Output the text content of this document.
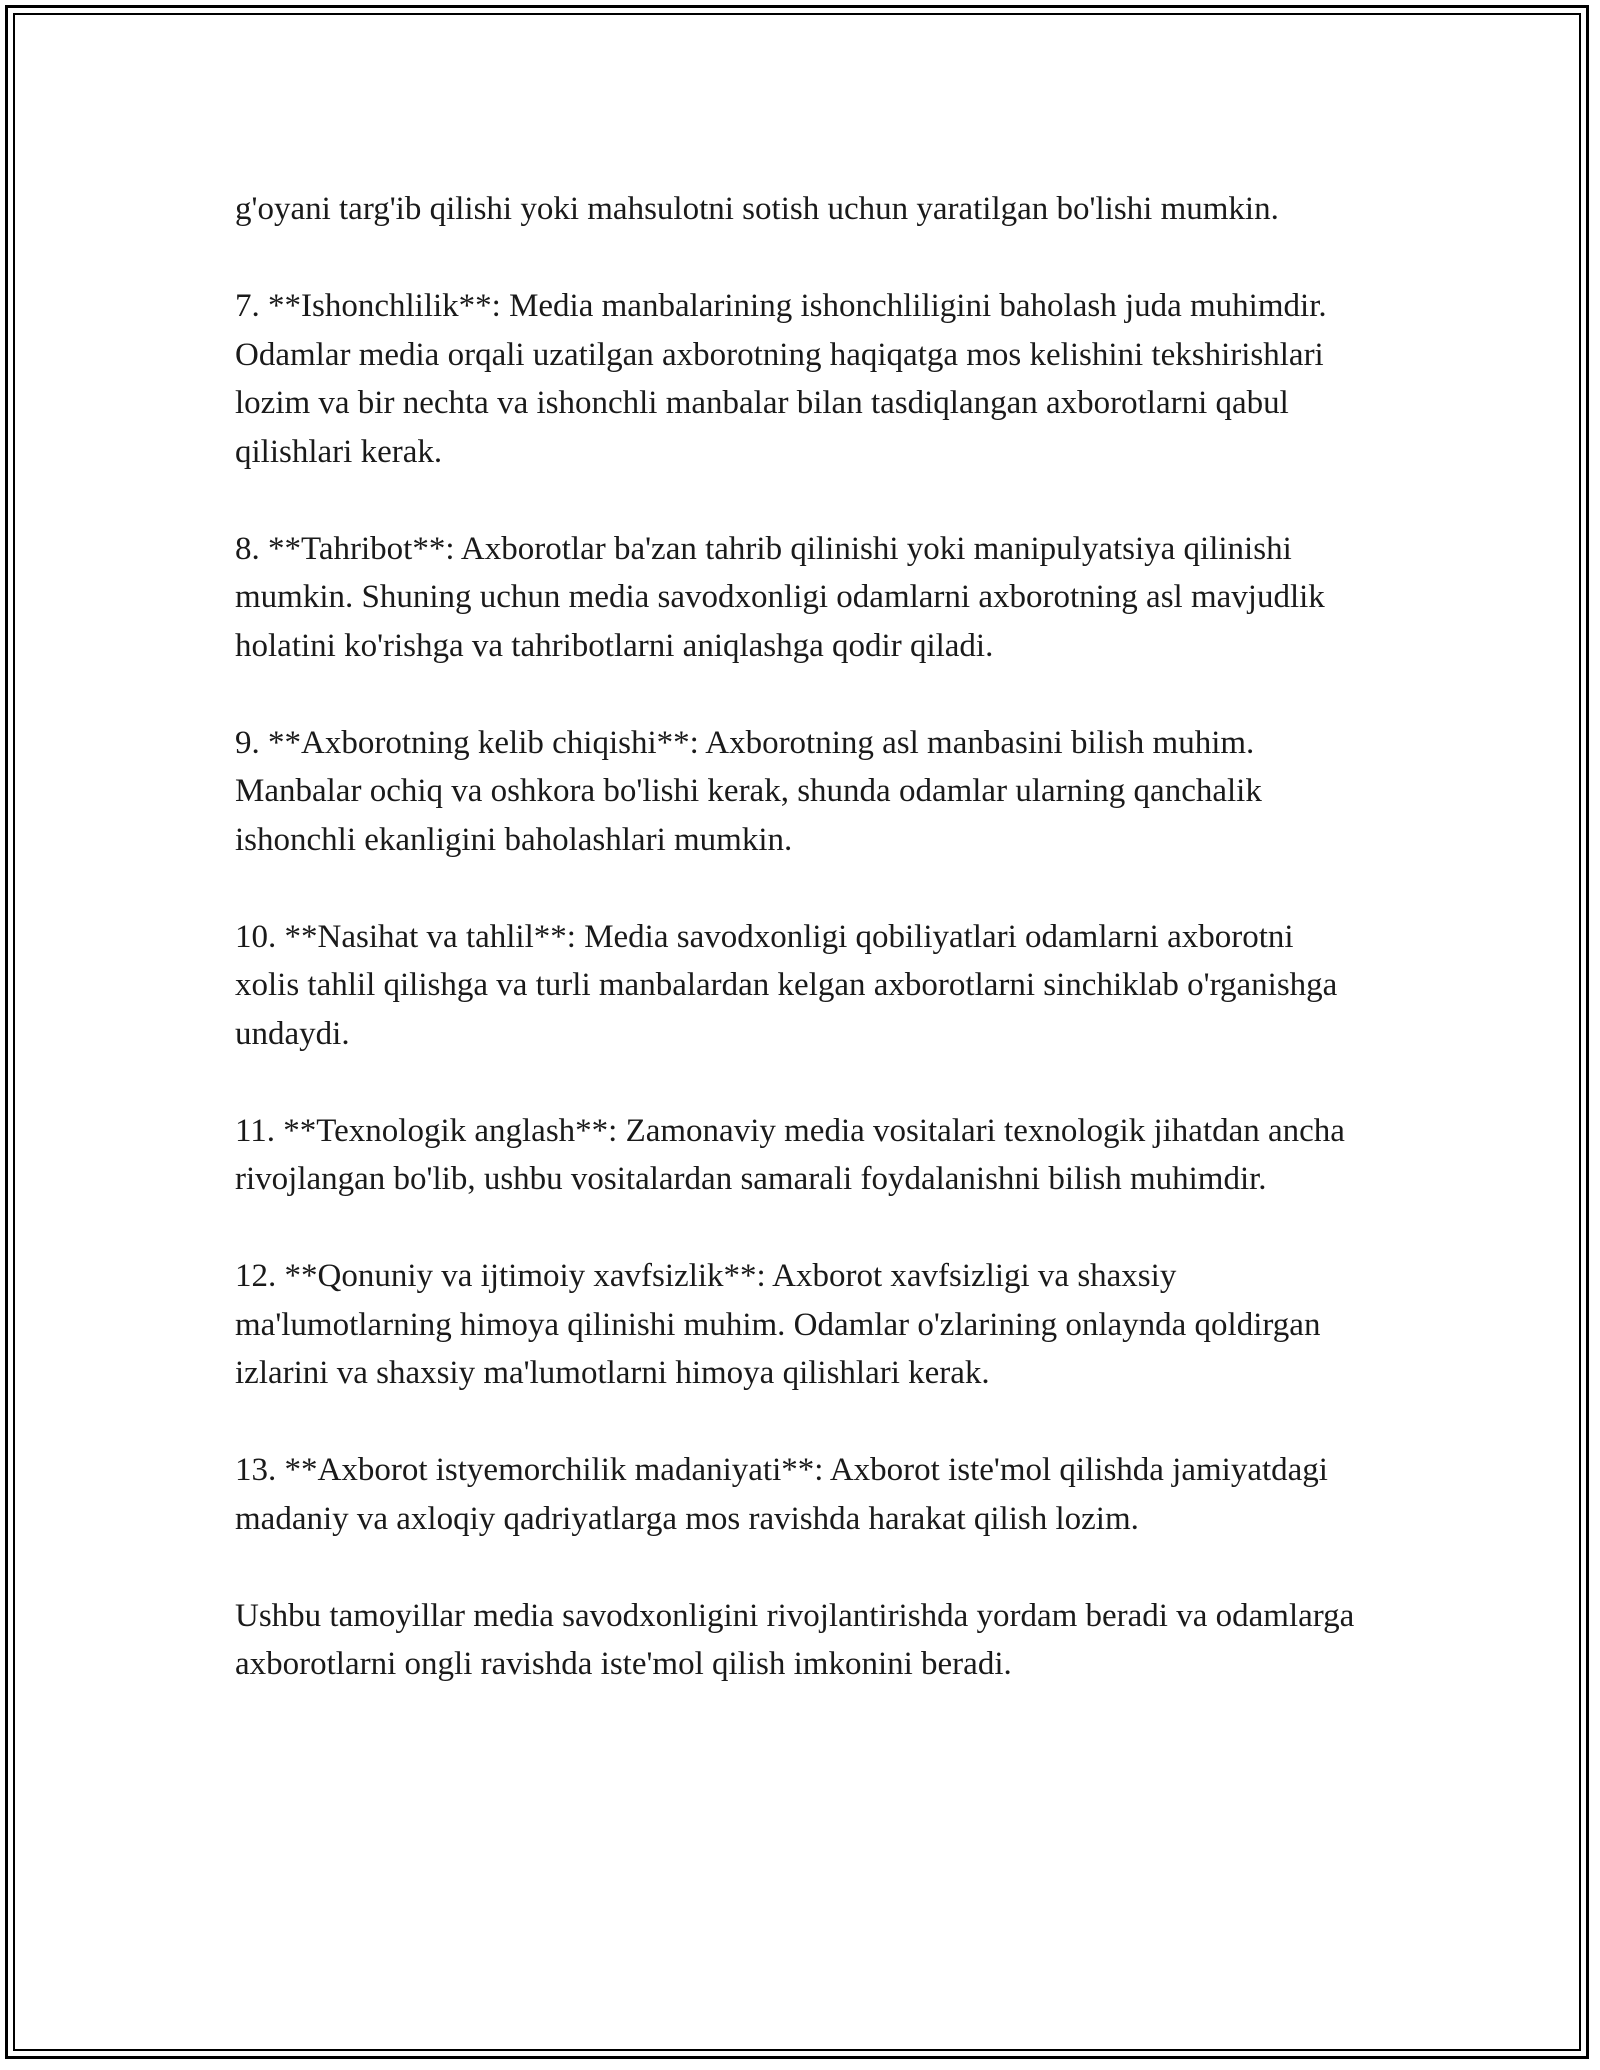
g'oyani targ'ib qilishi yoki mahsulotni sotish uchun yaratilgan bo'lishi mumkin.

7. **Ishonchlilik**: Media manbalarining ishonchliligini baholash juda muhimdir. Odamlar media orqali uzatilgan axborotning haqiqatga mos kelishini tekshirishlari lozim va bir nechta va ishonchli manbalar bilan tasdiqlangan axborotlarni qabul qilishlari kerak.

8. **Tahribot**: Axborotlar ba'zan tahrib qilinishi yoki manipulyatsiya qilinishi mumkin. Shuning uchun media savodxonligi odamlarni axborotning asl mavjudlik holatini ko'rishga va tahribotlarni aniqlashga qodir qiladi.

9. **Axborotning kelib chiqishi**: Axborotning asl manbasini bilish muhim. Manbalar ochiq va oshkora bo'lishi kerak, shunda odamlar ularning qanchalik ishonchli ekanligini baholashlari mumkin.

10. **Nasihat va tahlil**: Media savodxonligi qobiliyatlari odamlarni axborotni xolis tahlil qilishga va turli manbalardan kelgan axborotlarni sinchiklab o'rganishga undaydi.

11. **Texnologik anglash**: Zamonaviy media vositalari texnologik jihatdan ancha rivojlangan bo'lib, ushbu vositalardan samarali foydalanishni bilish muhimdir.

12. **Qonuniy va ijtimoiy xavfsizlik**: Axborot xavfsizligi va shaxsiy ma'lumotlarning himoya qilinishi muhim. Odamlar o'zlarining onlaynda qoldirgan izlarini va shaxsiy ma'lumotlarni himoya qilishlari kerak.

13. **Axborot istyemorchilik madaniyati**: Axborot iste'mol qilishda jamiyatdagi madaniy va axloqiy qadriyatlarga mos ravishda harakat qilish lozim.

Ushbu tamoyillar media savodxonligini rivojlantirishda yordam beradi va odamlarga axborotlarni ongli ravishda iste'mol qilish imkonini beradi.
